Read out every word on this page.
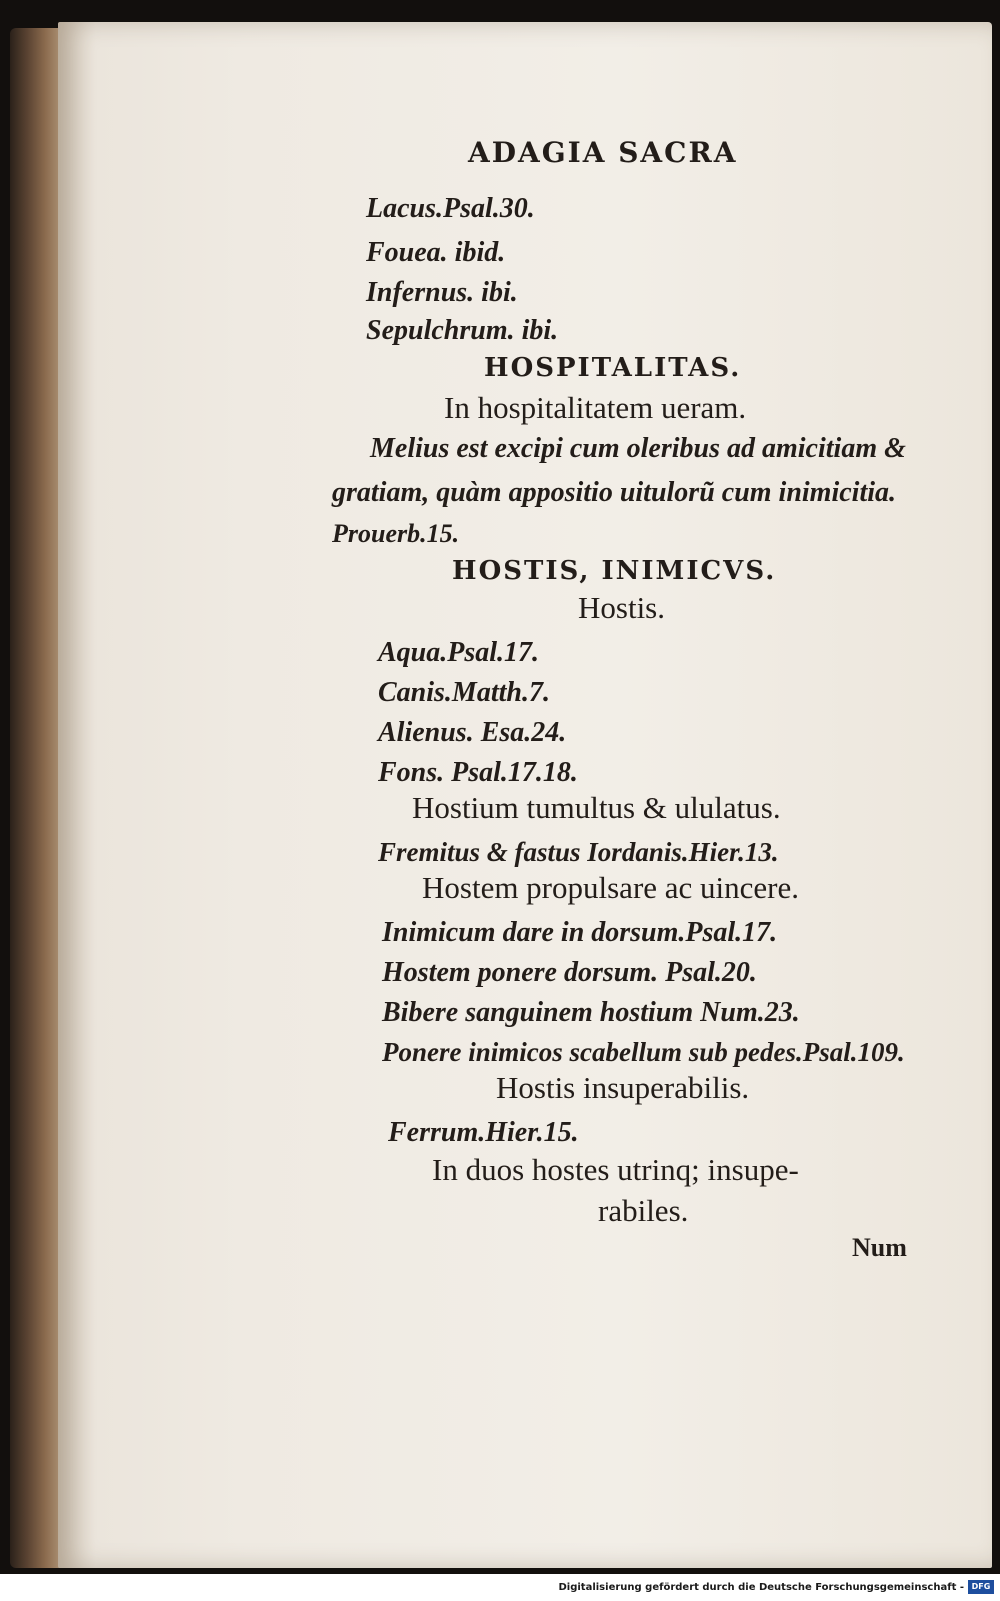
ADAGIA SACRA
Lacus.Psal.30.
Fouea. ibid.
Infernus. ibi.
Sepulchrum. ibi.
HOSPITALITAS.
In hospitalitatem ueram.
Melius est excipi cum oleribus ad amicitiam &
gratiam, quàm appositio uitulorũ cum inimicitia.
Prouerb.15.
HOSTIS, INIMICVS.
Hostis.
Aqua.Psal.17.
Canis.Matth.7.
Alienus. Esa.24.
Fons. Psal.17.18.
Hostium tumultus & ululatus.
Fremitus & fastus Iordanis.Hier.13.
Hostem propulsare ac uincere.
Inimicum dare in dorsum.Psal.17.
Hostem ponere dorsum. Psal.20.
Bibere sanguinem hostium Num.23.
Ponere inimicos scabellum sub pedes.Psal.109.
Hostis insuperabilis.
Ferrum.Hier.15.
In duos hostes utrinq; insupe-
rabiles.
Num
Digitalisierung gefördert durch die Deutsche Forschungsgemeinschaft - DFG
